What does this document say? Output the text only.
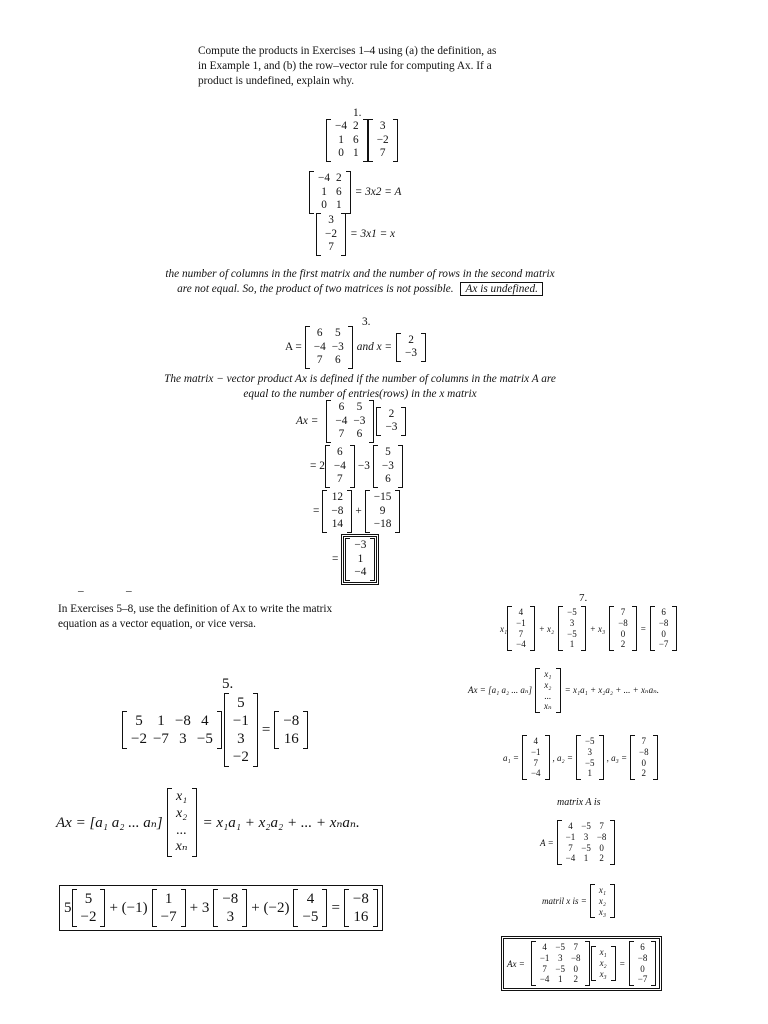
Compute the products in Exercises 1–4 using (a) the definition, as
in Example 1, and (b) the row–vector rule for computing Ax. If a
product is undefined, explain why.
1.
−4	2
1	6
0	1
3
−2
7
−4	2
1	6
0	1
= 3x2 = A
3
−2
7
= 3x1 = x
the number of columns in the first matrix and the number of rows in the second matrix
are not equal. So, the product of two matrices is not possible. Ax is undefined.
3.
A =
6	5
−4	−3
7	6
and x =
2
−3
The matrix − vector product Ax is defined if the number of columns in the matrix A are
equal to the number of entries(rows) in the x matrix
Ax =
6	5
−4	−3
7	6
2
−3
= 2
6
−4
7
−3
5
−3
6
=
12
−8
14
+
−15
9
−18
=
−3
1
−4
–	–
In Exercises 5–8, use the definition of Ax to write the matrix
equation as a vector equation, or vice versa.
5.
5	1	−8	4
−2	−7	3	−5
5
−1
3
−2
=
−8
16
Ax = [a₁ a₂ ... aₙ]
x₁
x₂
...
xₙ
= x₁a₁ + x₂a₂ + ... + xₙaₙ.
5
5
−2
+ (−1)
1
−7
+ 3
−8
3
+ (−2)
4
−5
=
−8
16
7.
x₁
4
−1
7
−4
+ x₂
−5
3
−5
1
+ x₃
7
−8
0
2
=
6
−8
0
−7
Ax = [a₁ a₂ ... aₙ]
x₁
x₂
...
xₙ
= x₁a₁ + x₂a₂ + ... + xₙaₙ.
a₁ =
4
−1
7
−4
, a₂ =
−5
3
−5
1
, a₃ =
7
−8
0
2
matrix A is
A =
4	−5	7
−1	3	−8
7	−5	0
−4	1	2
matril x is =
x₁
x₂
x₃
Ax =
4	−5	7
−1	3	−8
7	−5	0
−4	1	2
x₁
x₂
x₃
=
6
−8
0
−7
